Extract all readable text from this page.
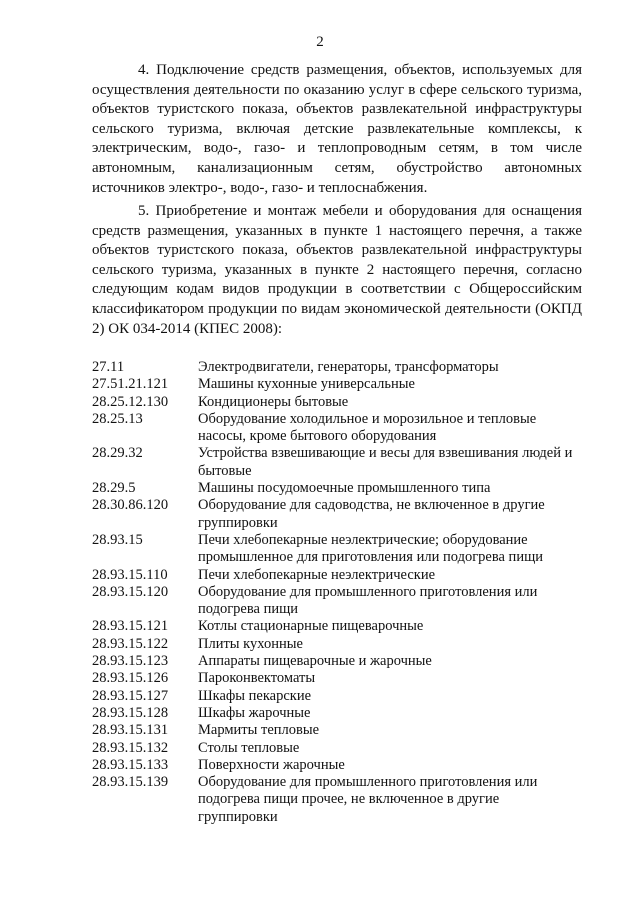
2

4. Подключение средств размещения, объектов, используемых для осуществления деятельности по оказанию услуг в сфере сельского туризма, объектов туристского показа, объектов развлекательной инфраструктуры сельского туризма, включая детские развлекательные комплексы, к электрическим, водо-, газо- и теплопроводным сетям, в том числе автономным, канализационным сетям, обустройство автономных источников электро-, водо-, газо- и теплоснабжения.

5. Приобретение и монтаж мебели и оборудования для оснащения средств размещения, указанных в пункте 1 настоящего перечня, а также объектов туристского показа, объектов развлекательной инфраструктуры сельского туризма, указанных в пункте 2 настоящего перечня, согласно следующим кодам видов продукции в соответствии с Общероссийским классификатором продукции по видам экономической деятельности (ОКПД 2) ОК 034-2014 (КПЕС 2008):

27.11	Электродвигатели, генераторы, трансформаторы
27.51.21.121	Машины кухонные универсальные
28.25.12.130	Кондиционеры бытовые
28.25.13	Оборудование холодильное и морозильное и тепловые насосы, кроме бытового оборудования
28.29.32	Устройства взвешивающие и весы для взвешивания людей и бытовые
28.29.5	Машины посудомоечные промышленного типа
28.30.86.120	Оборудование для садоводства, не включенное в другие группировки
28.93.15	Печи хлебопекарные неэлектрические; оборудование промышленное для приготовления или подогрева пищи
28.93.15.110	Печи хлебопекарные неэлектрические
28.93.15.120	Оборудование для промышленного приготовления или подогрева пищи
28.93.15.121	Котлы стационарные пищеварочные
28.93.15.122	Плиты кухонные
28.93.15.123	Аппараты пищеварочные и жарочные
28.93.15.126	Пароконвектоматы
28.93.15.127	Шкафы пекарские
28.93.15.128	Шкафы жарочные
28.93.15.131	Мармиты тепловые
28.93.15.132	Столы тепловые
28.93.15.133	Поверхности жарочные
28.93.15.139	Оборудование для промышленного приготовления или подогрева пищи прочее, не включенное в другие группировки
